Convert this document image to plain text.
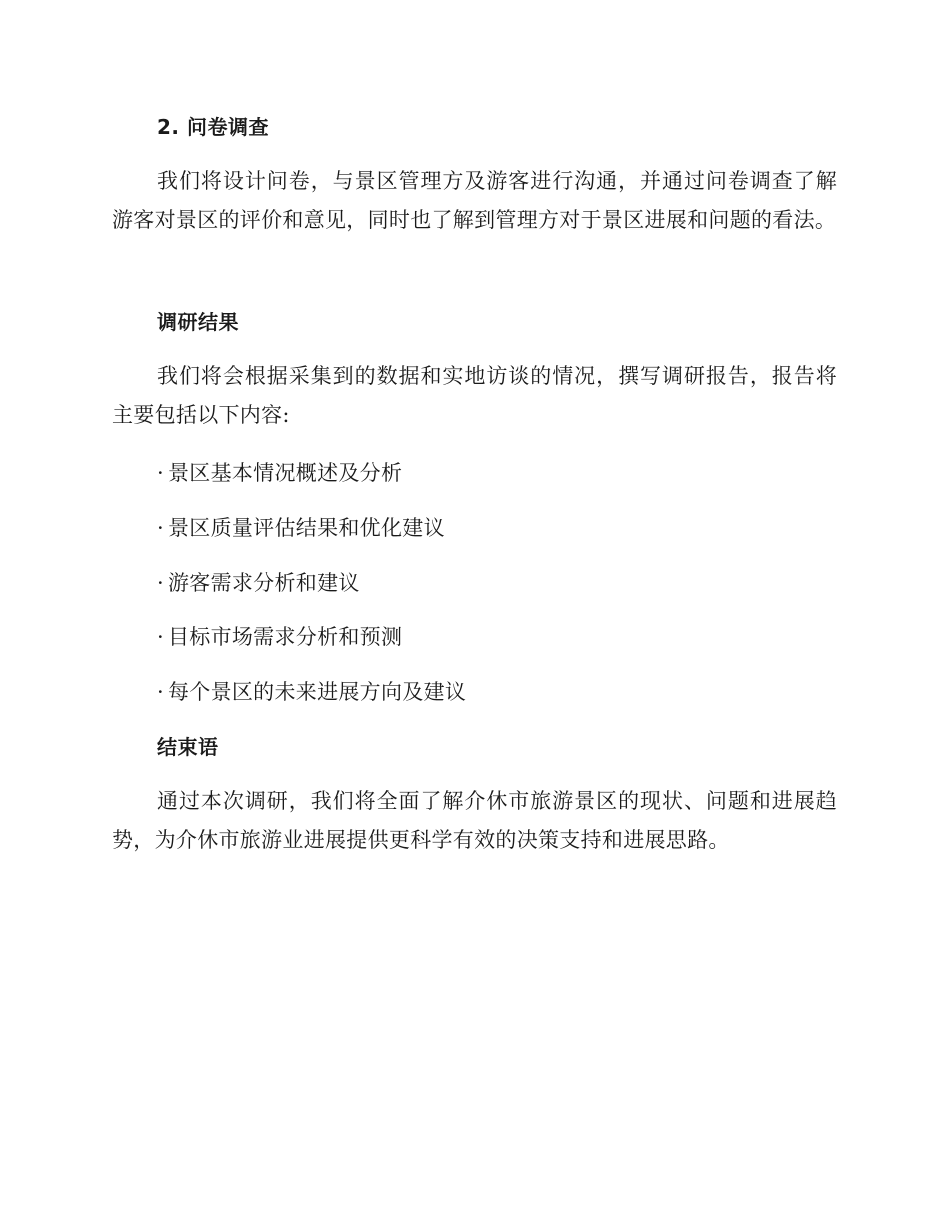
2. 问卷调查
我们将设计问卷，与景区管理方及游客进行沟通，并通过问卷调查了解游客对景区的评价和意见，同时也了解到管理方对于景区进展和问题的看法。
调研结果
我们将会根据采集到的数据和实地访谈的情况，撰写调研报告，报告将主要包括以下内容:
· 景区基本情况概述及分析
· 景区质量评估结果和优化建议
· 游客需求分析和建议
· 目标市场需求分析和预测
· 每个景区的未来进展方向及建议
结束语
通过本次调研，我们将全面了解介休市旅游景区的现状、问题和进展趋势，为介休市旅游业进展提供更科学有效的决策支持和进展思路。
